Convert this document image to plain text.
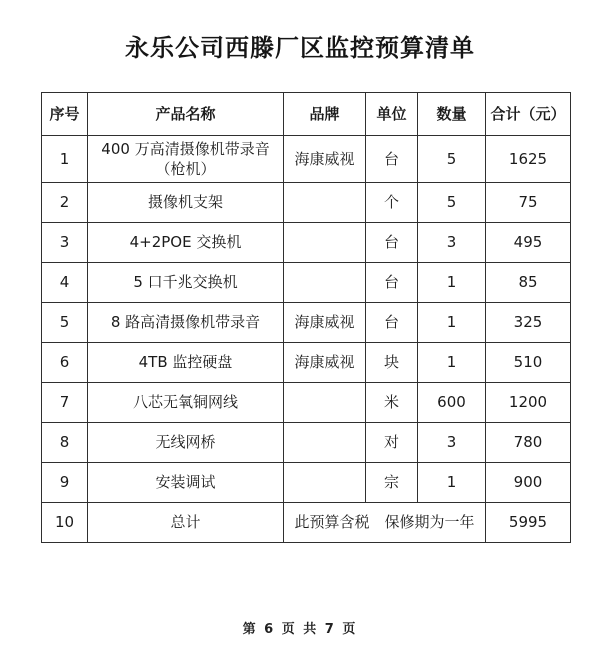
永乐公司西滕厂区监控预算清单
序号	产品名称	品牌	单位	数量	合计（元）
1	400 万高清摄像机带录音（枪机）	海康威视	台	5	1625
2	摄像机支架		个	5	75
3	4+2POE 交换机		台	3	495
4	5 口千兆交换机		台	1	85
5	8 路高清摄像机带录音	海康威视	台	1	325
6	4TB 监控硬盘	海康威视	块	1	510
7	八芯无氧铜网线		米	600	1200
8	无线网桥		对	3	780
9	安装调试		宗	1	900
10	总计	此预算含税　保修期为一年			5995
第 6 页 共 7 页
